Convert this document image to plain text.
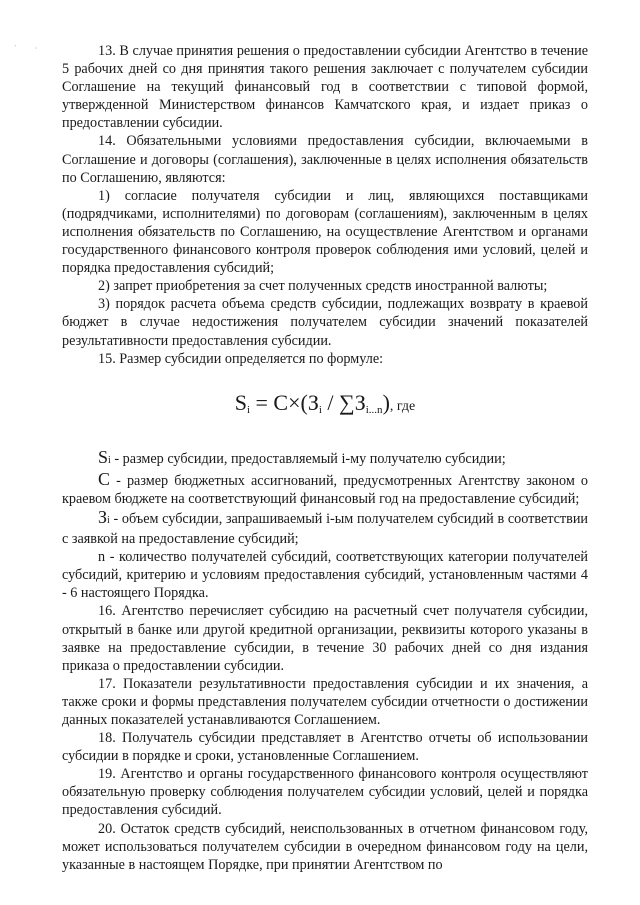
` ·	13. В случае принятия решения о предоставлении субсидии Агентство в течение 5 рабочих дней со дня принятия такого решения заключает с получателем субсидии Соглашение на текущий финансовый год в соответствии с типовой формой, утвержденной Министерством финансов Камчатского края, и издает приказ о предоставлении субсидии.

14. Обязательными условиями предоставления субсидии, включаемыми в Соглашение и договоры (соглашения), заключенные в целях исполнения обязательств по Соглашению, являются:

1) согласие получателя субсидии и лиц, являющихся поставщиками (подрядчиками, исполнителями) по договорам (соглашениям), заключенным в целях исполнения обязательств по Соглашению, на осуществление Агентством и органами государственного финансового контроля проверок соблюдения ими условий, целей и порядка предоставления субсидий;

2) запрет приобретения за счет полученных средств иностранной валюты;

3) порядок расчета объема средств субсидии, подлежащих возврату в краевой бюджет в случае недостижения получателем субсидии значений показателей результативности предоставления субсидии.

15. Размер субсидии определяется по формуле:

Si = C×(Зi / ∑Зi...n), где

Si - размер субсидии, предоставляемый i-му получателю субсидии;

С - размер бюджетных ассигнований, предусмотренных Агентству законом о краевом бюджете на соответствующий финансовый год на предоставление субсидий;

Зi - объем субсидии, запрашиваемый i-ым получателем субсидий в соответствии с заявкой на предоставление субсидий;

n - количество получателей субсидий, соответствующих категории получателей субсидий, критерию и условиям предоставления субсидий, установленным частями 4 - 6 настоящего Порядка.

16. Агентство перечисляет субсидию на расчетный счет получателя субсидии, открытый в банке или другой кредитной организации, реквизиты которого указаны в заявке на предоставление субсидии, в течение 30 рабочих дней со дня издания приказа о предоставлении субсидии.

17. Показатели результативности предоставления субсидии и их значения, а также сроки и формы представления получателем субсидии отчетности о достижении данных показателей устанавливаются Соглашением.

18. Получатель субсидии представляет в Агентство отчеты об использовании субсидии в порядке и сроки, установленные Соглашением.

19. Агентство и органы государственного финансового контроля осуществляют обязательную проверку соблюдения получателем субсидии условий, целей и порядка предоставления субсидий.

20. Остаток средств субсидий, неиспользованных в отчетном финансовом году, может использоваться получателем субсидии в очередном финансовом году на цели, указанные в настоящем Порядке, при принятии Агентством по
